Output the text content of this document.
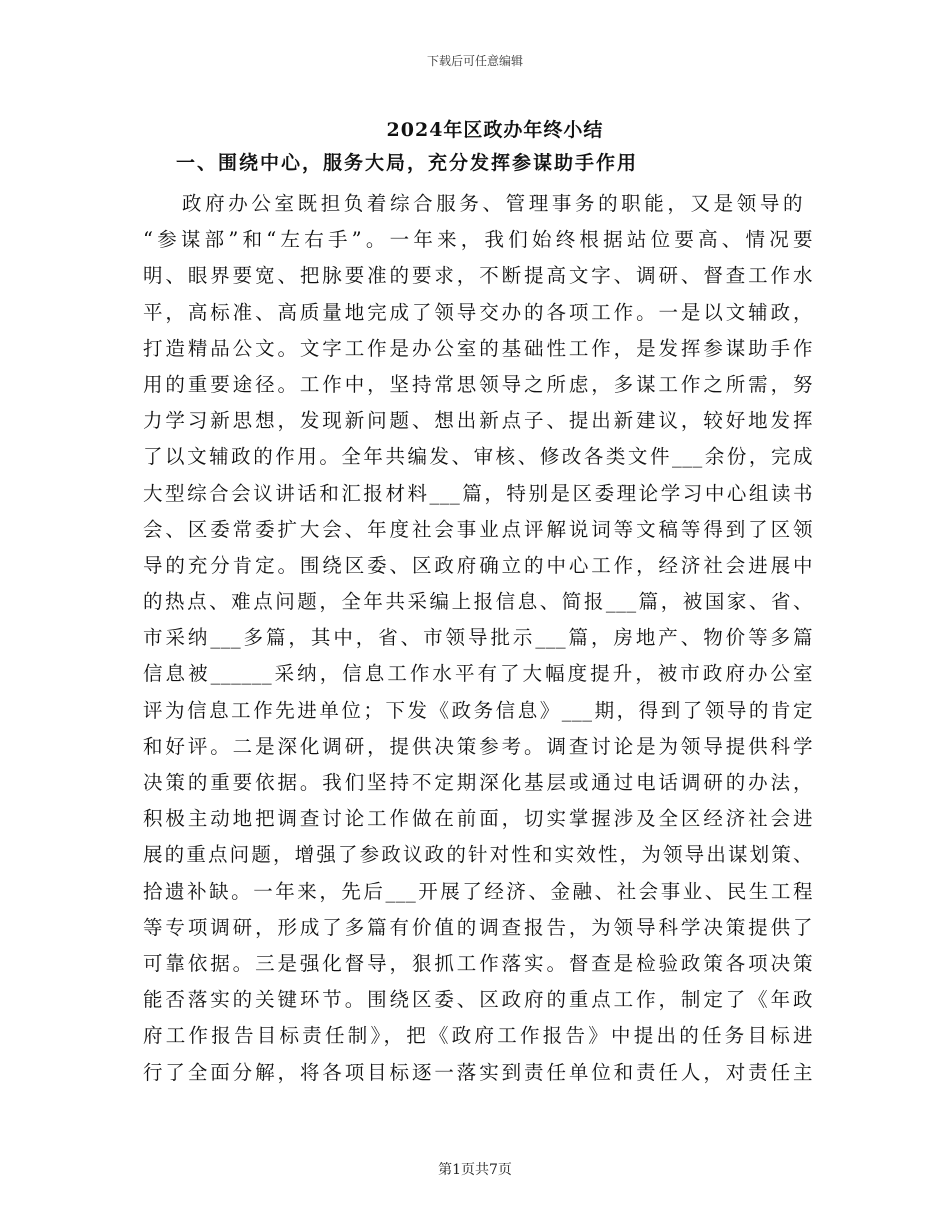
下载后可任意编辑
2024年区政办年终小结
一、围绕中心，服务大局，充分发挥参谋助手作用
政府办公室既担负着综合服务、管理事务的职能，又是领导的
“参谋部”和“左右手”。一年来，我们始终根据站位要高、情况要
明、眼界要宽、把脉要准的要求，不断提高文字、调研、督查工作水
平，高标准、高质量地完成了领导交办的各项工作。一是以文辅政，
打造精品公文。文字工作是办公室的基础性工作，是发挥参谋助手作
用的重要途径。工作中，坚持常思领导之所虑，多谋工作之所需，努
力学习新思想，发现新问题、想出新点子、提出新建议，较好地发挥
了以文辅政的作用。全年共编发、审核、修改各类文件___余份，完成
大型综合会议讲话和汇报材料___篇，特别是区委理论学习中心组读书
会、区委常委扩大会、年度社会事业点评解说词等文稿等得到了区领
导的充分肯定。围绕区委、区政府确立的中心工作，经济社会进展中
的热点、难点问题，全年共采编上报信息、简报___篇，被国家、省、
市采纳___多篇，其中，省、市领导批示___篇，房地产、物价等多篇
信息被______采纳，信息工作水平有了大幅度提升，被市政府办公室
评为信息工作先进单位；下发《政务信息》___期，得到了领导的肯定
和好评。二是深化调研，提供决策参考。调查讨论是为领导提供科学
决策的重要依据。我们坚持不定期深化基层或通过电话调研的办法，
积极主动地把调查讨论工作做在前面，切实掌握涉及全区经济社会进
展的重点问题，增强了参政议政的针对性和实效性，为领导出谋划策、
拾遗补缺。一年来，先后___开展了经济、金融、社会事业、民生工程
等专项调研，形成了多篇有价值的调查报告，为领导科学决策提供了
可靠依据。三是强化督导，狠抓工作落实。督查是检验政策各项决策
能否落实的关键环节。围绕区委、区政府的重点工作，制定了《年政
府工作报告目标责任制》，把《政府工作报告》中提出的任务目标进
行了全面分解，将各项目标逐一落实到责任单位和责任人，对责任主
第1页共7页
